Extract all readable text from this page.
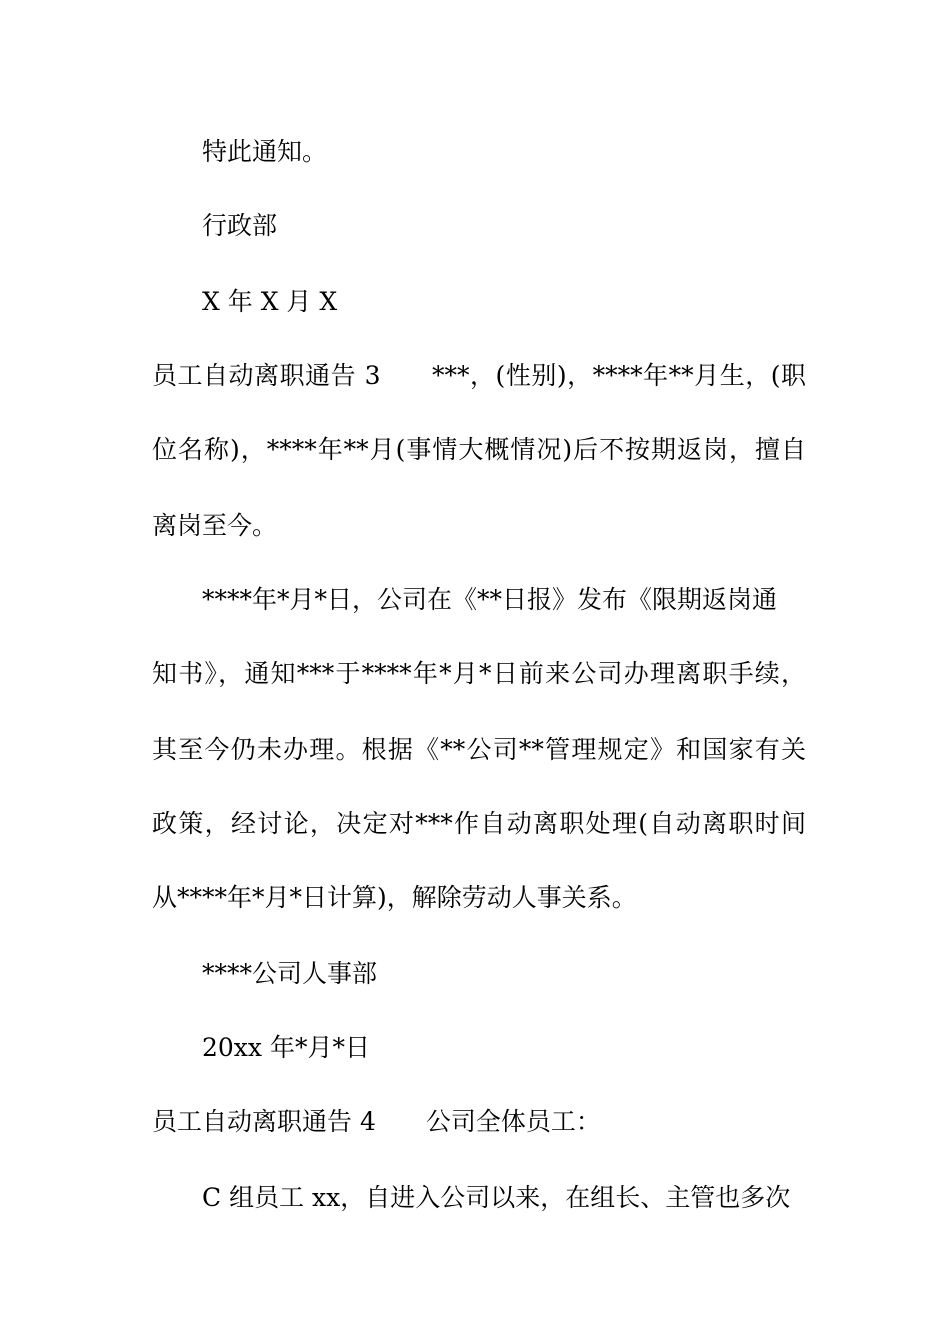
特此通知。
行政部
X 年 X 月 X
员工自动离职通告 3　　***，(性别)，****年**月生，(职
位名称)，****年**月(事情大概情况)后不按期返岗，擅自
离岗至今。
****年*月*日，公司在《**日报》发布《限期返岗通
知书》，通知***于****年*月*日前来公司办理离职手续，
其至今仍未办理。根据《**公司**管理规定》和国家有关
政策，经讨论，决定对***作自动离职处理(自动离职时间
从****年*月*日计算)，解除劳动人事关系。
****公司人事部
20xx 年*月*日
员工自动离职通告 4　　公司全体员工：
C 组员工 xx，自进入公司以来，在组长、主管也多次
